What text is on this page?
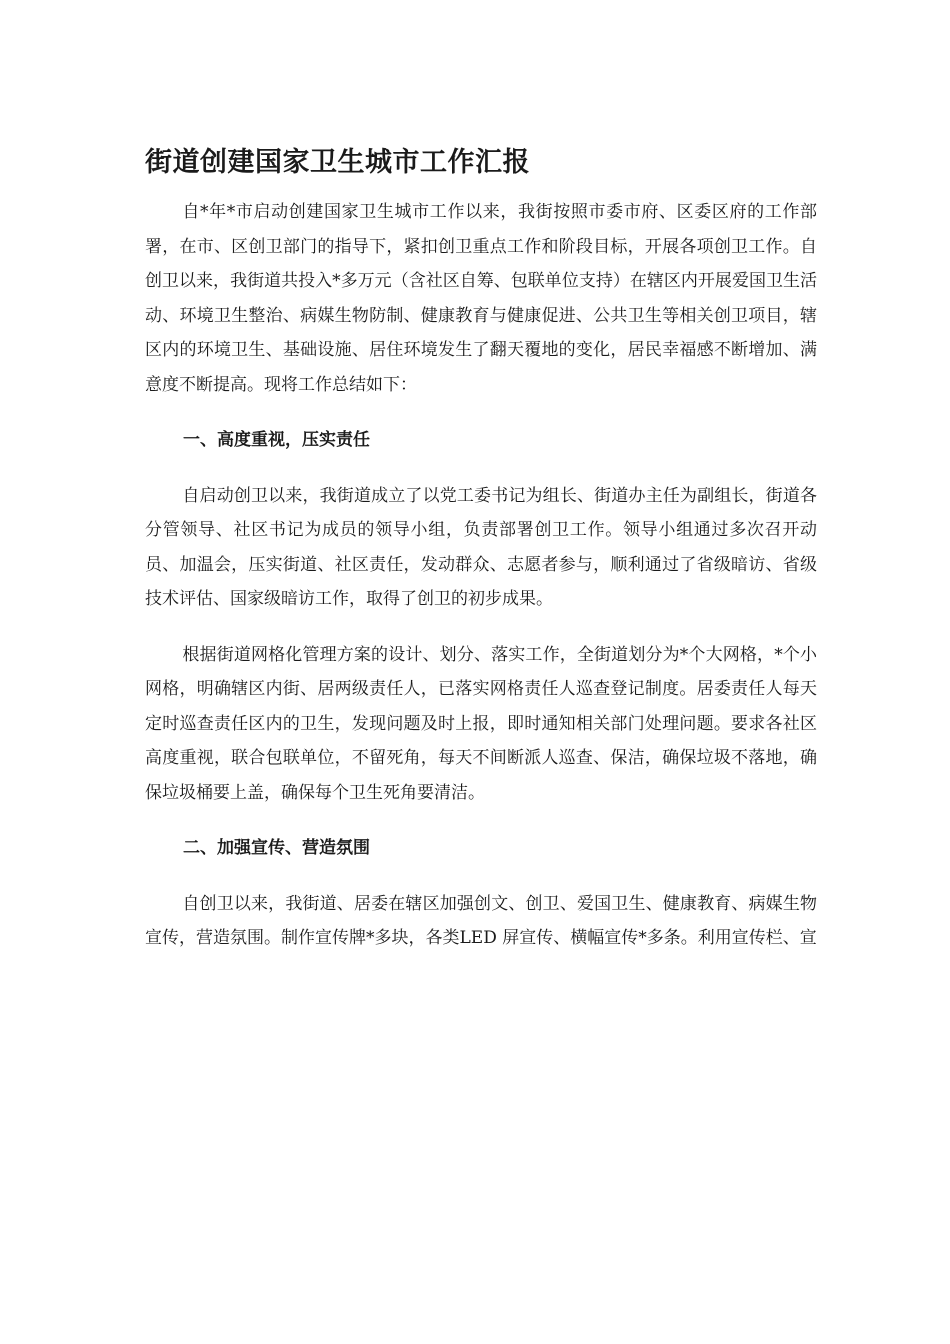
街道创建国家卫生城市工作汇报

自*年*市启动创建国家卫生城市工作以来，我街按照市委市府、区委区府的工作部署，在市、区创卫部门的指导下，紧扣创卫重点工作和阶段目标，开展各项创卫工作。自创卫以来，我街道共投入*多万元（含社区自筹、包联单位支持）在辖区内开展爱国卫生活动、环境卫生整治、病媒生物防制、健康教育与健康促进、公共卫生等相关创卫项目，辖区内的环境卫生、基础设施、居住环境发生了翻天覆地的变化，居民幸福感不断增加、满意度不断提高。现将工作总结如下：

一、高度重视，压实责任

自启动创卫以来，我街道成立了以党工委书记为组长、街道办主任为副组长，街道各分管领导、社区书记为成员的领导小组，负责部署创卫工作。领导小组通过多次召开动员、加温会，压实街道、社区责任，发动群众、志愿者参与，顺利通过了省级暗访、省级技术评估、国家级暗访工作，取得了创卫的初步成果。

根据街道网格化管理方案的设计、划分、落实工作，全街道划分为*个大网格，*个小网格，明确辖区内街、居两级责任人，已落实网格责任人巡查登记制度。居委责任人每天定时巡查责任区内的卫生，发现问题及时上报，即时通知相关部门处理问题。要求各社区高度重视，联合包联单位，不留死角，每天不间断派人巡查、保洁，确保垃圾不落地，确保垃圾桶要上盖，确保每个卫生死角要清洁。

二、加强宣传、营造氛围

自创卫以来，我街道、居委在辖区加强创文、创卫、爱国卫生、健康教育、病媒生物宣传，营造氛围。制作宣传牌*多块，各类LED 屏宣传、横幅宣传*多条。利用宣传栏、宣
